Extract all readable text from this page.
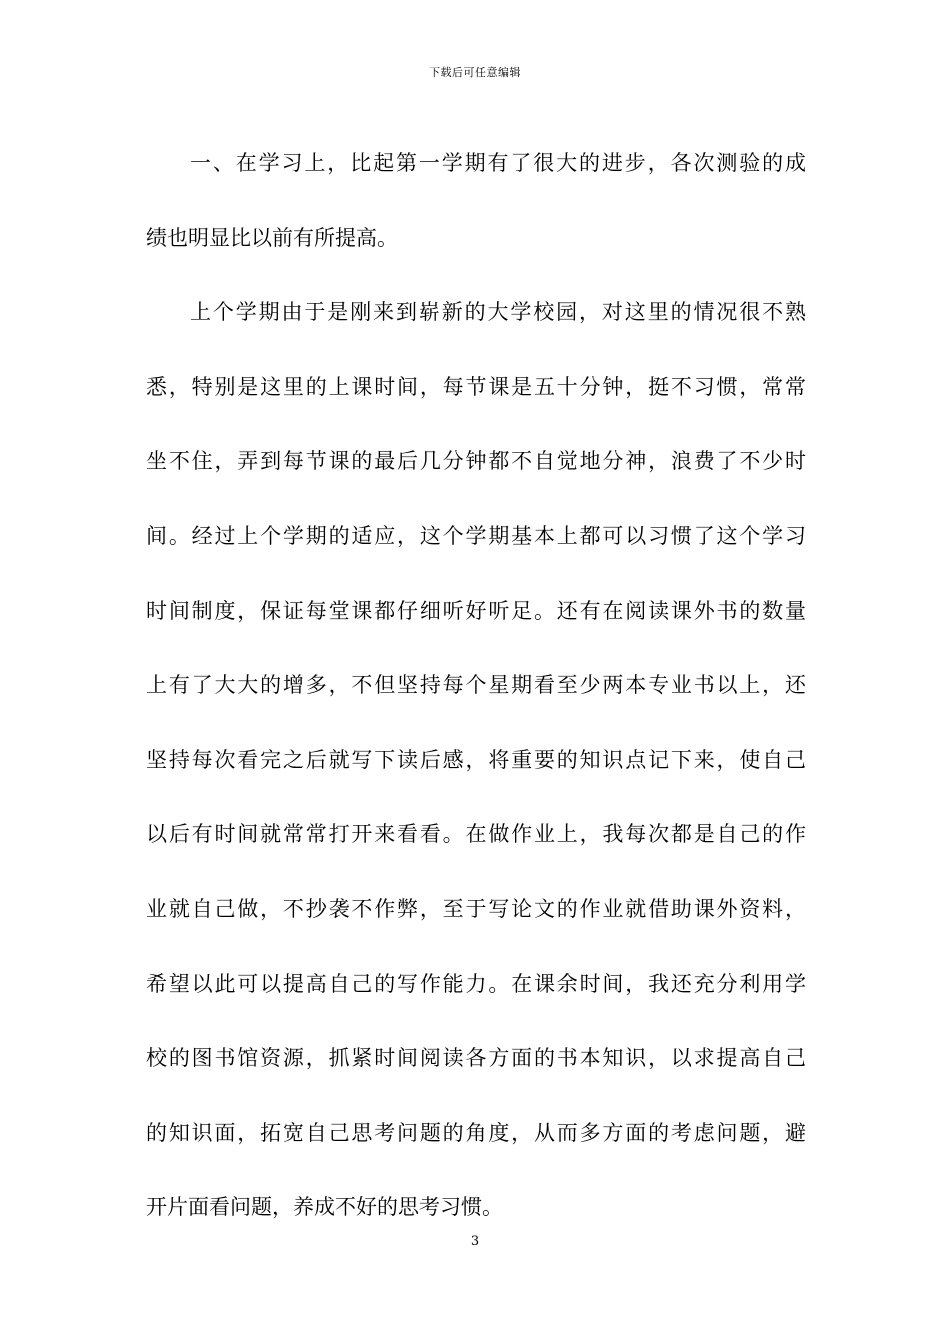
下载后可任意编辑
一、在学习上，比起第一学期有了很大的进步，各次测验的成
绩也明显比以前有所提高。
上个学期由于是刚来到崭新的大学校园，对这里的情况很不熟
悉，特别是这里的上课时间，每节课是五十分钟，挺不习惯，常常
坐不住，弄到每节课的最后几分钟都不自觉地分神，浪费了不少时
间。经过上个学期的适应，这个学期基本上都可以习惯了这个学习
时间制度，保证每堂课都仔细听好听足。还有在阅读课外书的数量
上有了大大的增多，不但坚持每个星期看至少两本专业书以上，还
坚持每次看完之后就写下读后感，将重要的知识点记下来，使自己
以后有时间就常常打开来看看。在做作业上，我每次都是自己的作
业就自己做，不抄袭不作弊，至于写论文的作业就借助课外资料，
希望以此可以提高自己的写作能力。在课余时间，我还充分利用学
校的图书馆资源，抓紧时间阅读各方面的书本知识，以求提高自己
的知识面，拓宽自己思考问题的角度，从而多方面的考虑问题，避
开片面看问题，养成不好的思考习惯。
3
